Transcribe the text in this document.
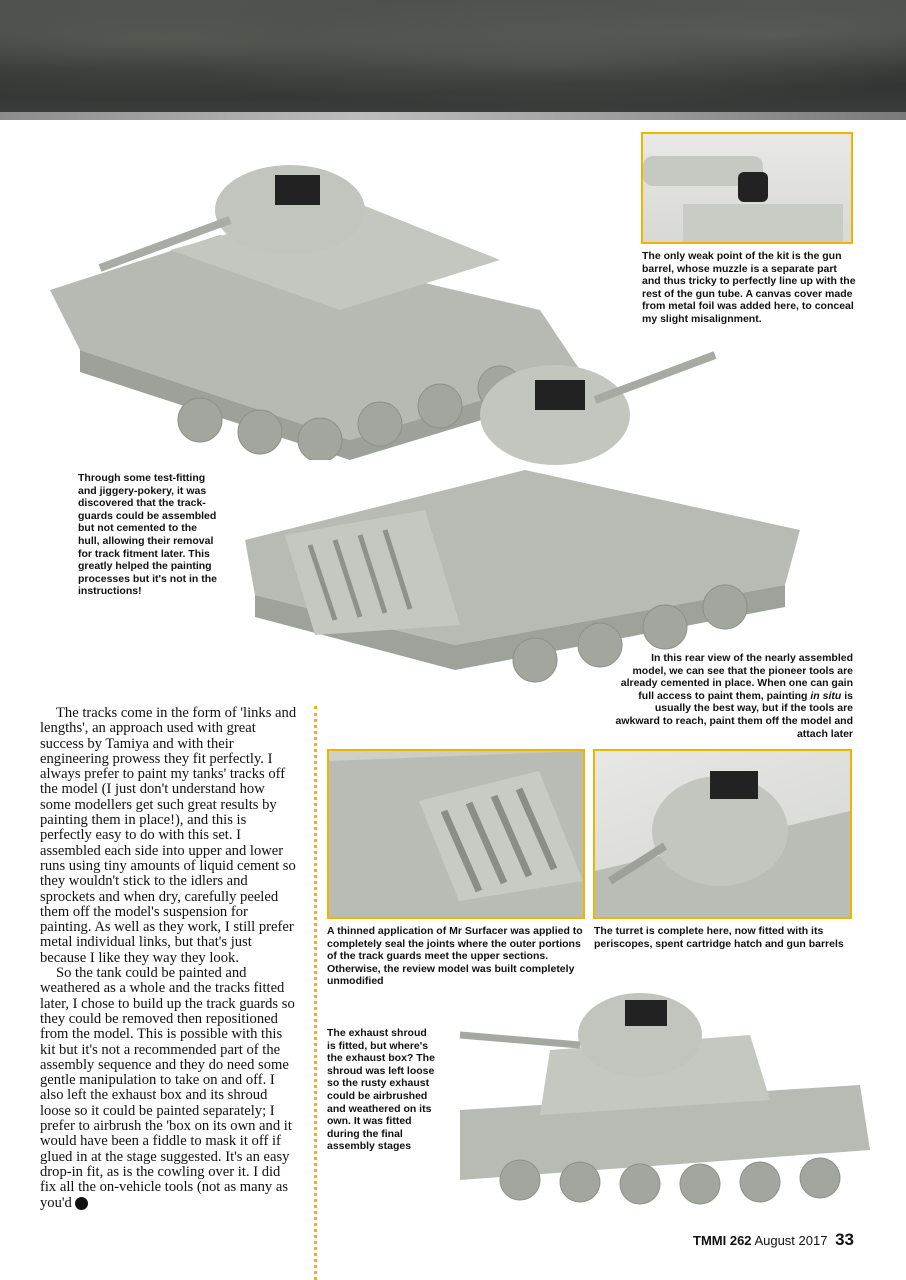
The only weak point of the kit is the gun barrel, whose muzzle is a separate part and thus tricky to perfectly line up with the rest of the gun tube. A canvas cover made from metal foil was added here, to conceal my slight misalignment.
Through some test-fitting and jiggery-pokery, it was discovered that the track-guards could be assembled but not cemented to the hull, allowing their removal for track fitment later. This greatly helped the painting processes but it's not in the instructions!
In this rear view of the nearly assembled model, we can see that the pioneer tools are already cemented in place. When one can gain full access to paint them, painting in situ is usually the best way, but if the tools are awkward to reach, paint them off the model and attach later
A thinned application of Mr Surfacer was applied to completely seal the joints where the outer portions of the track guards meet the upper sections. Otherwise, the review model was built completely unmodified
The turret is complete here, now fitted with its periscopes, spent cartridge hatch and gun barrels
The exhaust shroud is fitted, but where's the exhaust box? The shroud was left loose so the rusty exhaust could be airbrushed and weathered on its own. It was fitted during the final assembly stages

The tracks come in the form of 'links and lengths', an approach used with great success by Tamiya and with their engineering prowess they fit perfectly. I always prefer to paint my tanks' tracks off the model (I just don't understand how some modellers get such great results by painting them in place!), and this is perfectly easy to do with this set. I assembled each side into upper and lower runs using tiny amounts of liquid cement so they wouldn't stick to the idlers and sprockets and when dry, carefully peeled them off the model's suspension for painting. As well as they work, I still prefer metal individual links, but that's just because I like they way they look.

So the tank could be painted and weathered as a whole and the tracks fitted later, I chose to build up the track guards so they could be removed then repositioned from the model. This is possible with this kit but it's not a recommended part of the assembly sequence and they do need some gentle manipulation to take on and off. I also left the exhaust box and its shroud loose so it could be painted separately; I prefer to airbrush the 'box on its own and it would have been a fiddle to mask it off if glued in at the stage suggested. It's an easy drop-in fit, as is the cowling over it. I did fix all the on-vehicle tools (not as many as you'd ▶

TMMI 262 August 2017 33
